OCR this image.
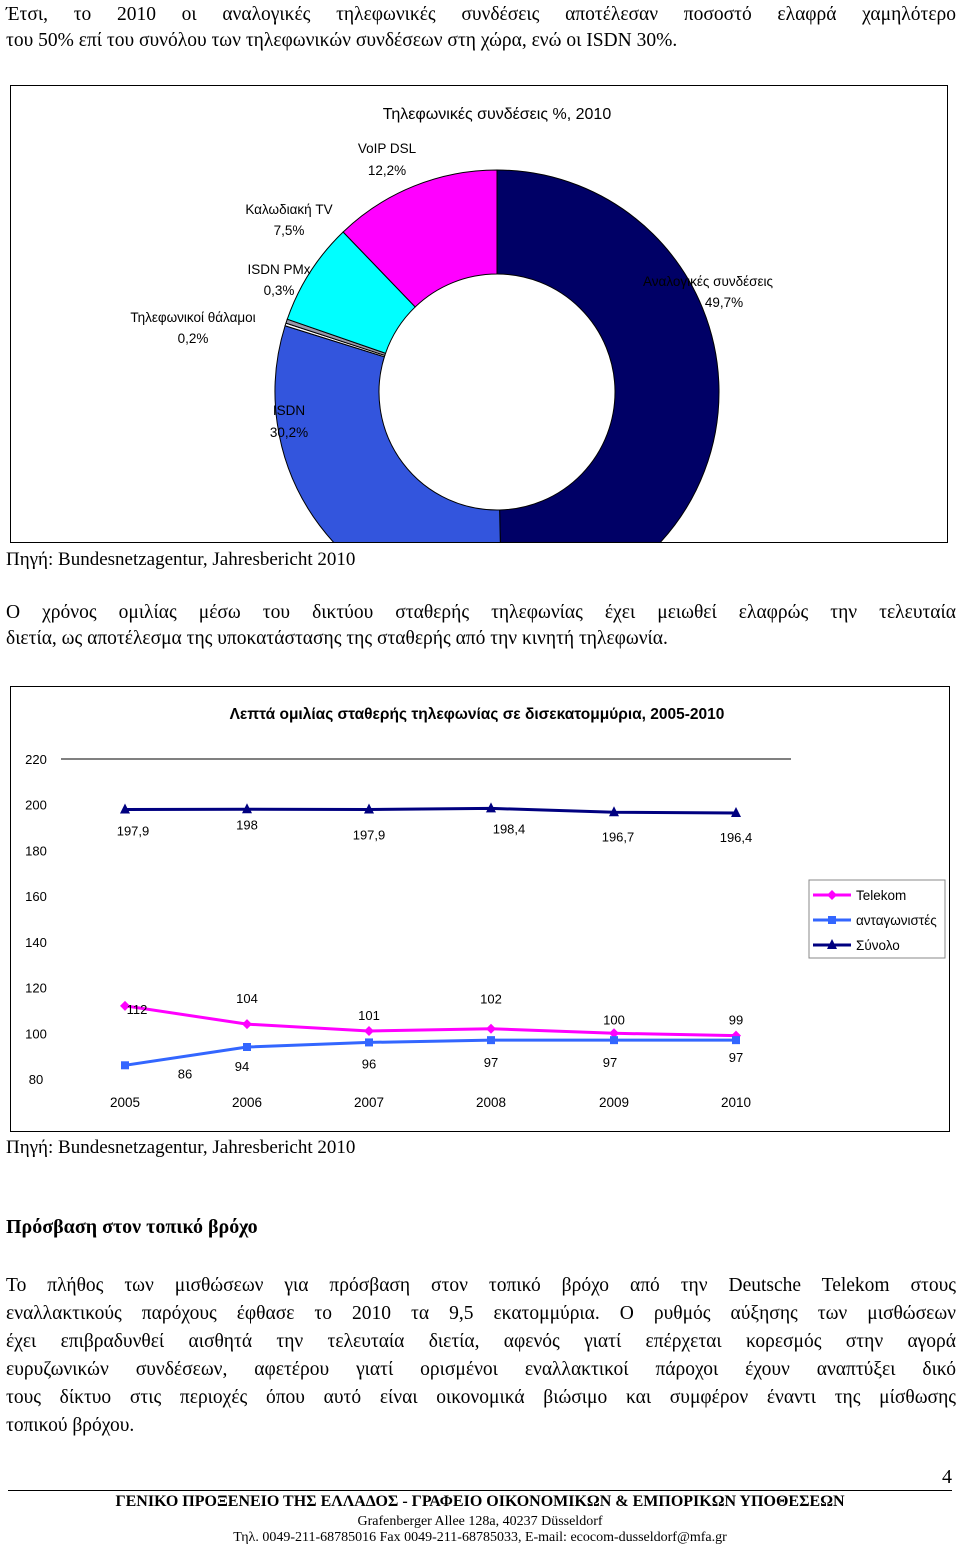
Έτσι, το 2010 οι αναλογικές τηλεφωνικές συνδέσεις αποτέλεσαν ποσοστό ελαφρά χαμηλότερο
του 50% επί του συνόλου των τηλεφωνικών συνδέσεων στη χώρα, ενώ οι ISDN 30%.
Τηλεφωνικές συνδέσεις %, 2010
Αναλογικές συνδέσεις
49,7%
ISDN
30,2%
Τηλεφωνικοί θάλαμοι
0,2%
ISDN PMx
0,3%
Καλωδιακή TV
7,5%
VoIP DSL
12,2%
Πηγή: Bundesnetzagentur, Jahresbericht 2010
Ο χρόνος ομιλίας μέσω του δικτύου σταθερής τηλεφωνίας έχει μειωθεί ελαφρώς την τελευταία
διετία, ως αποτέλεσμα της υποκατάστασης της σταθερής από την κινητή τηλεφωνία.
Λεπτά ομιλίας σταθερής τηλεφωνίας σε δισεκατομμύρια, 2005-2010
220
200
180
160
140
120
100
80
2005	2006	2007	2008	2009	2010
112
104
101
102
100	99
86	94	96	97	97	97
197,9	198
197,9	198,4
196,7	196,4
Telekom
ανταγωνιστές
Σύνολο
Πηγή: Bundesnetzagentur, Jahresbericht 2010
Πρόσβαση στον τοπικό βρόχο
Το πλήθος των μισθώσεων για πρόσβαση στον τοπικό βρόχο από την Deutsche Telekom στους
εναλλακτικούς παρόχους έφθασε το 2010 τα 9,5 εκατομμύρια. Ο ρυθμός αύξησης των μισθώσεων
έχει επιβραδυνθεί αισθητά την τελευταία διετία, αφενός γιατί επέρχεται κορεσμός στην αγορά
ευρυζωνικών συνδέσεων, αφετέρου γιατί ορισμένοι εναλλακτικοί πάροχοι έχουν αναπτύξει δικό
τους δίκτυο στις περιοχές όπου αυτό είναι οικονομικά βιώσιμο και συμφέρον έναντι της μίσθωσης
τοπικού βρόχου.
4
ΓΕΝΙΚΟ ΠΡΟΞΕΝΕΙΟ ΤΗΣ ΕΛΛΑΔΟΣ - ΓΡΑΦΕΙΟ ΟΙΚΟΝΟΜΙΚΩΝ & ΕΜΠΟΡΙΚΩΝ ΥΠΟΘΕΣΕΩΝ
Grafenberger Allee 128a, 40237 Düsseldorf
Τηλ. 0049-211-68785016 Fax 0049-211-68785033, E-mail: ecocom-dusseldorf@mfa.gr
